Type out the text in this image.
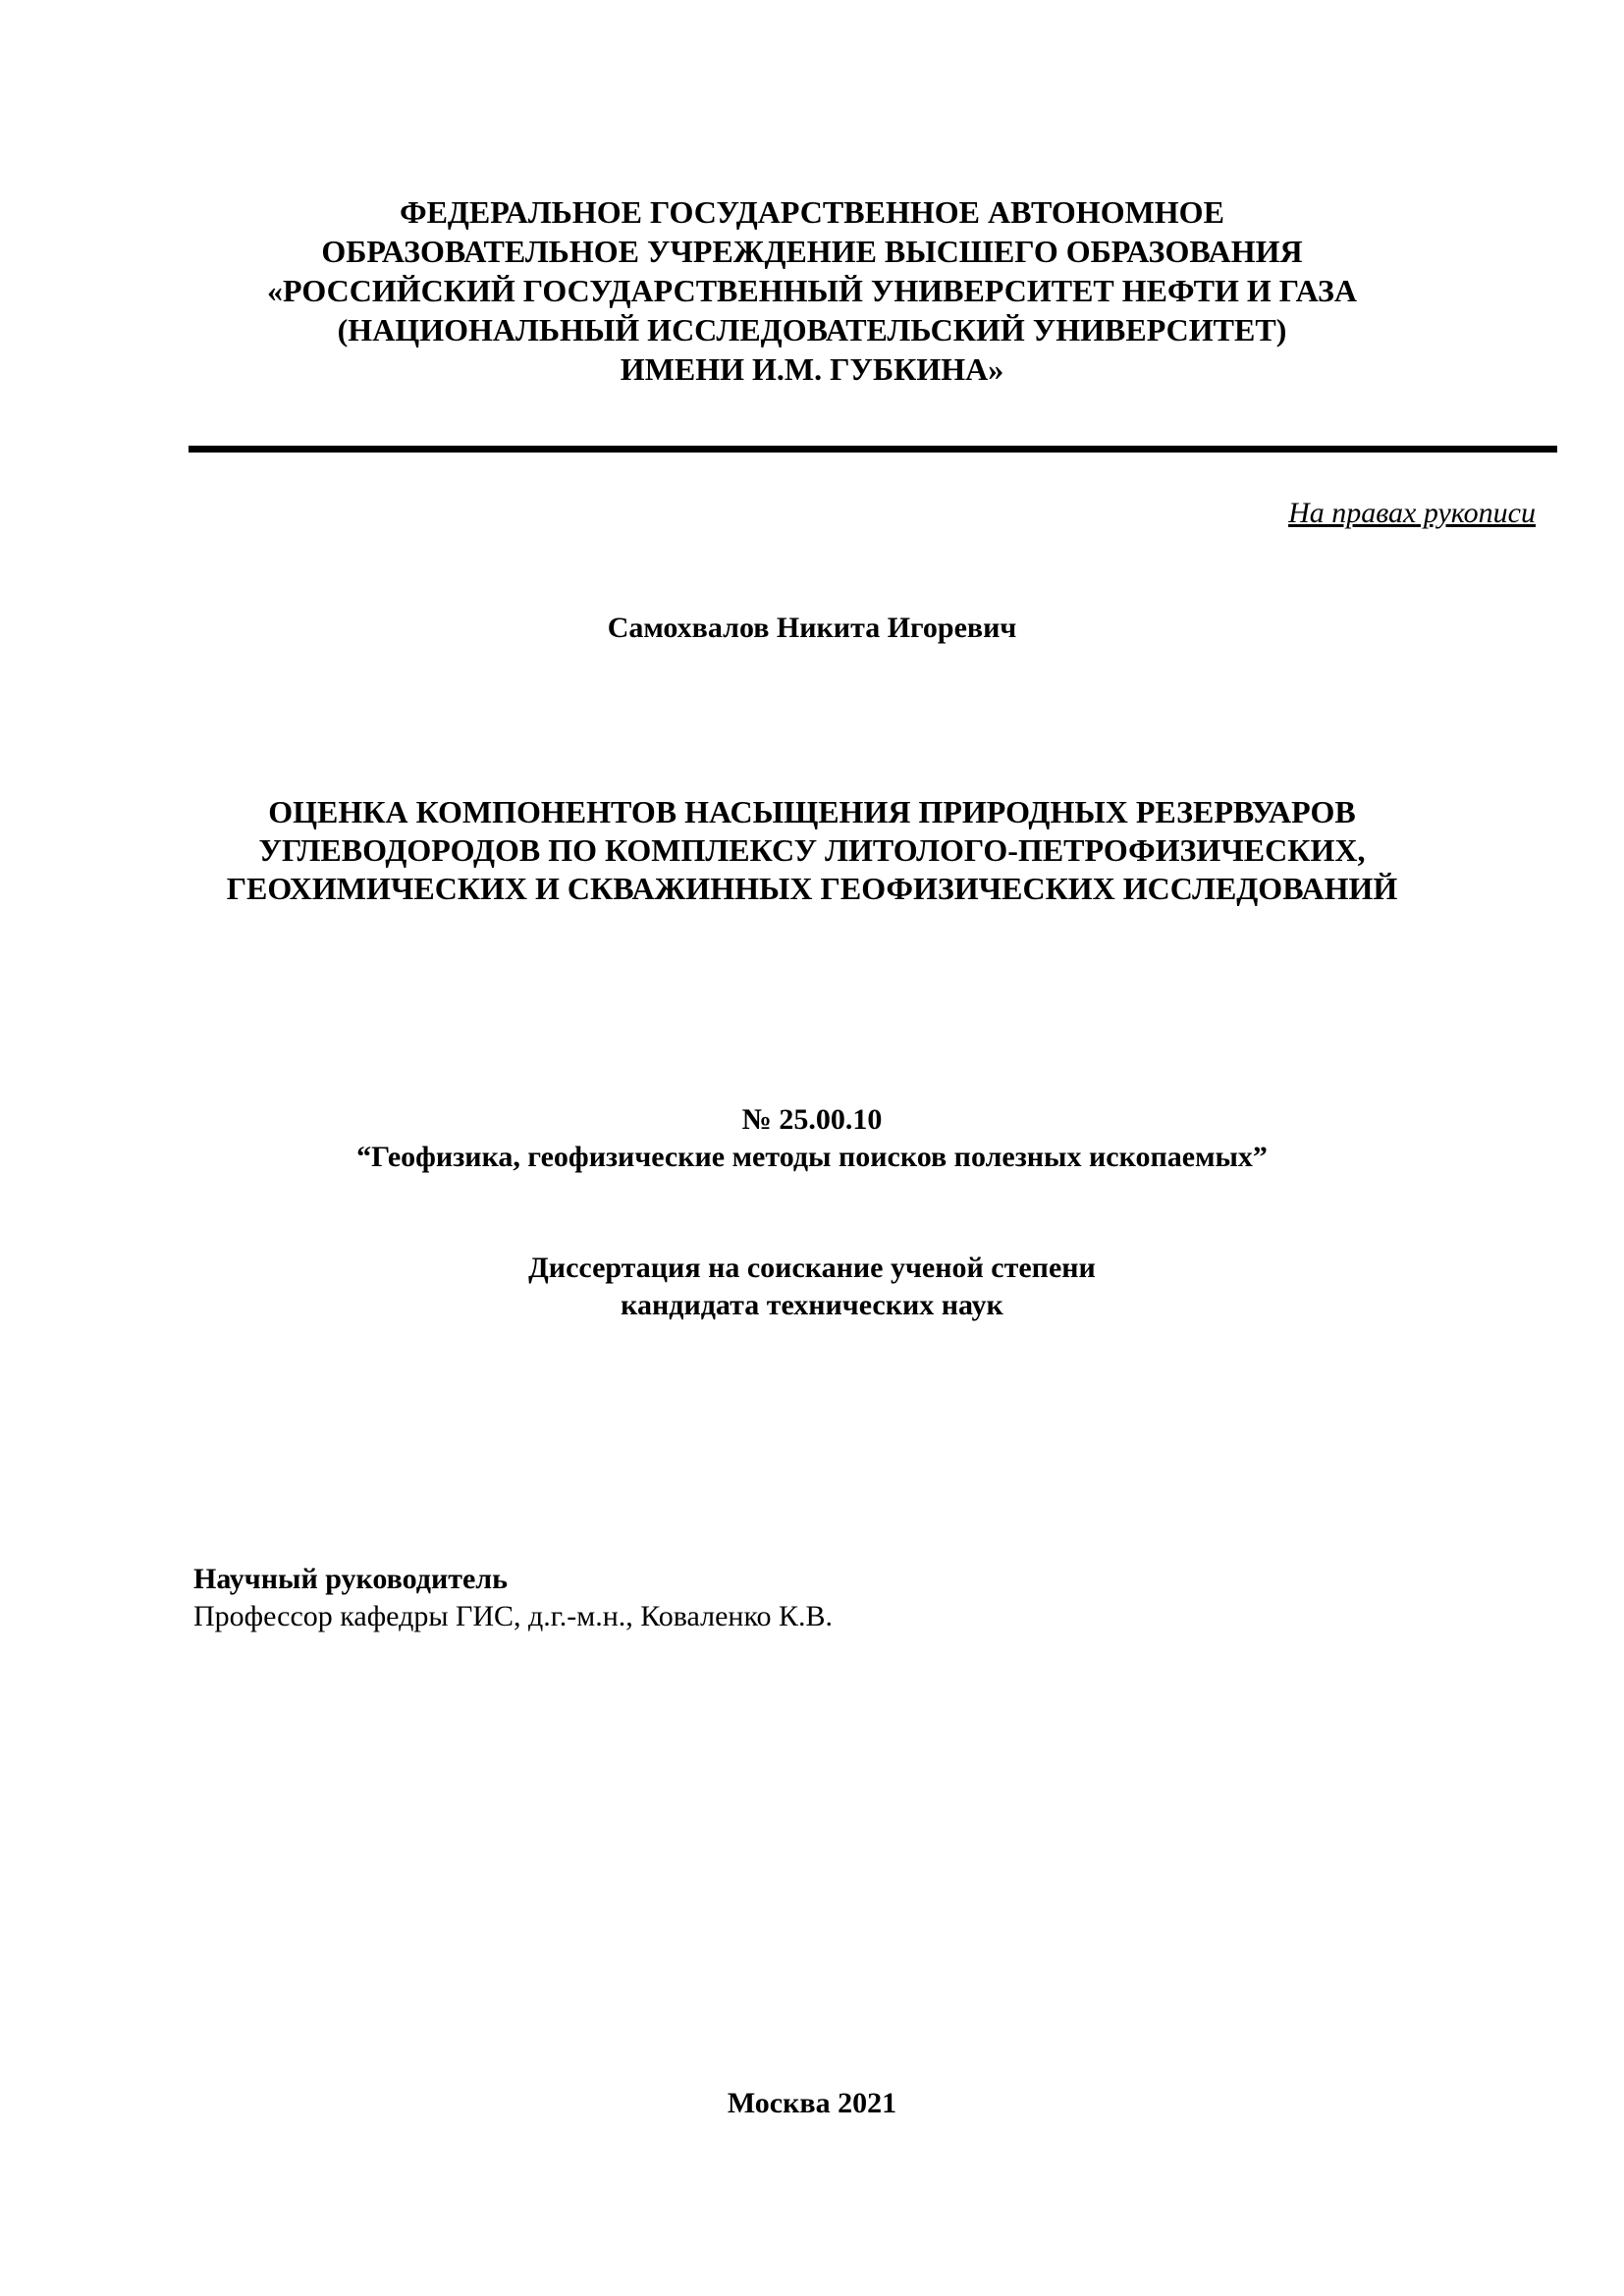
ФЕДЕРАЛЬНОЕ ГОСУДАРСТВЕННОЕ АВТОНОМНОЕ
ОБРАЗОВАТЕЛЬНОЕ УЧРЕЖДЕНИЕ ВЫСШЕГО ОБРАЗОВАНИЯ
«РОССИЙСКИЙ ГОСУДАРСТВЕННЫЙ УНИВЕРСИТЕТ НЕФТИ И ГАЗА
(НАЦИОНАЛЬНЫЙ ИССЛЕДОВАТЕЛЬСКИЙ УНИВЕРСИТЕТ)
ИМЕНИ И.М. ГУБКИНА»
На правах рукописи
Самохвалов Никита Игоревич
ОЦЕНКА КОМПОНЕНТОВ НАСЫЩЕНИЯ ПРИРОДНЫХ РЕЗЕРВУАРОВ
УГЛЕВОДОРОДОВ ПО КОМПЛЕКСУ ЛИТОЛОГО-ПЕТРОФИЗИЧЕСКИХ,
ГЕОХИМИЧЕСКИХ И СКВАЖИННЫХ ГЕОФИЗИЧЕСКИХ ИССЛЕДОВАНИЙ
№ 25.00.10
“Геофизика, геофизические методы поисков полезных ископаемых”
Диссертация на соискание ученой степени
кандидата технических наук
Научный руководитель
Профессор кафедры ГИС, д.г.-м.н., Коваленко К.В.
Москва 2021
